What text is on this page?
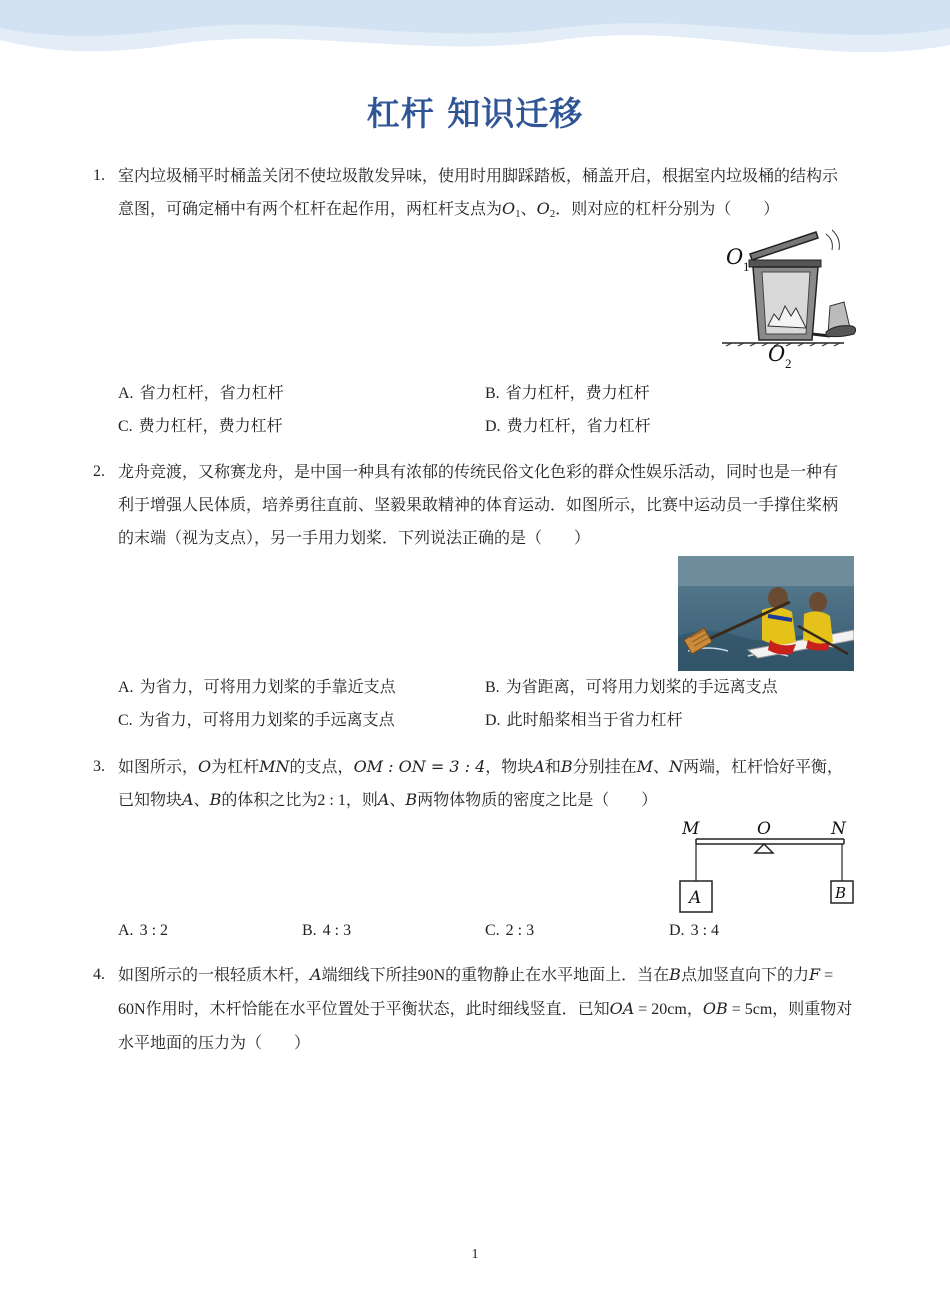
杠杆 知识迁移
1. 室内垃圾桶平时桶盖关闭不使垃圾散发异味，使用时用脚踩踏板，桶盖开启，根据室内垃圾桶的结构示意图，可确定桶中有两个杠杆在起作用，两杠杆支点为$O_1$、$O_2$．则对应的杠杆分别为（　　）
O 1
O 2
A. 省力杠杆，省力杠杆	B. 省力杠杆，费力杠杆
C. 费力杠杆，费力杠杆	D. 费力杠杆，省力杠杆
2. 龙舟竞渡，又称赛龙舟，是中国一种具有浓郁的传统民俗文化色彩的群众性娱乐活动，同时也是一种有利于增强人民体质，培养勇往直前、坚毅果敢精神的体育运动．如图所示，比赛中运动员一手撑住桨柄的末端（视为支点），另一手用力划桨．下列说法正确的是（　　）
A. 为省力，可将用力划桨的手靠近支点	B. 为省距离，可将用力划桨的手远离支点
C. 为省力，可将用力划桨的手远离支点	D. 此时船桨相当于省力杠杆
3. 如图所示，O为杠杆MN的支点，OM : ON = 3 : 4，物块A和B分别挂在M、N两端，杠杆恰好平衡，已知物块A、B的体积之比为2 : 1，则A、B两物体物质的密度之比是（　　）
M	O	N
A	B
A. 3 : 2	B. 4 : 3	C. 2 : 3	D. 3 : 4
4. 如图所示的一根轻质木杆，A端细线下所挂90N的重物静止在水平地面上．当在B点加竖直向下的力F = 60N作用时，木杆恰能在水平位置处于平衡状态，此时细线竖直．已知OA = 20cm，OB = 5cm，则重物对水平地面的压力为（　　）
1
